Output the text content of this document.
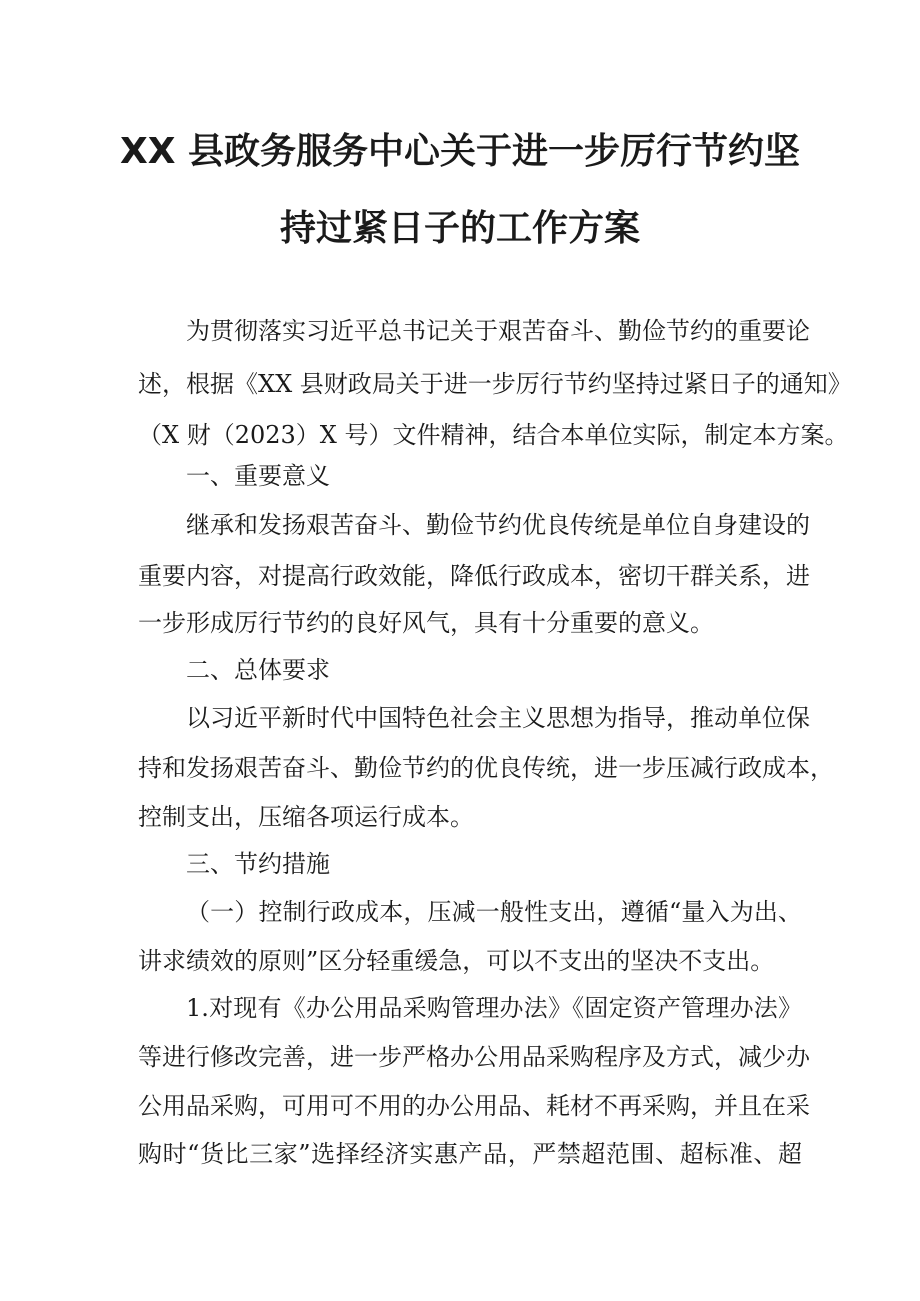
XX 县政务服务中心关于进一步厉行节约坚
持过紧日子的工作方案
为贯彻落实习近平总书记关于艰苦奋斗、勤俭节约的重要论
述，根据《XX 县财政局关于进一步厉行节约坚持过紧日子的通知》
（X 财（2023）X 号）文件精神，结合本单位实际，制定本方案。
一、重要意义
继承和发扬艰苦奋斗、勤俭节约优良传统是单位自身建设的
重要内容，对提高行政效能，降低行政成本，密切干群关系，进
一步形成厉行节约的良好风气，具有十分重要的意义。
二、总体要求
以习近平新时代中国特色社会主义思想为指导，推动单位保
持和发扬艰苦奋斗、勤俭节约的优良传统，进一步压减行政成本，
控制支出，压缩各项运行成本。
三、节约措施
（一）控制行政成本，压减一般性支出，遵循“量入为出、
讲求绩效的原则”区分轻重缓急，可以不支出的坚决不支出。
1.对现有《办公用品采购管理办法》《固定资产管理办法》
等进行修改完善，进一步严格办公用品采购程序及方式，减少办
公用品采购，可用可不用的办公用品、耗材不再采购，并且在采
购时“货比三家”选择经济实惠产品，严禁超范围、超标准、超
